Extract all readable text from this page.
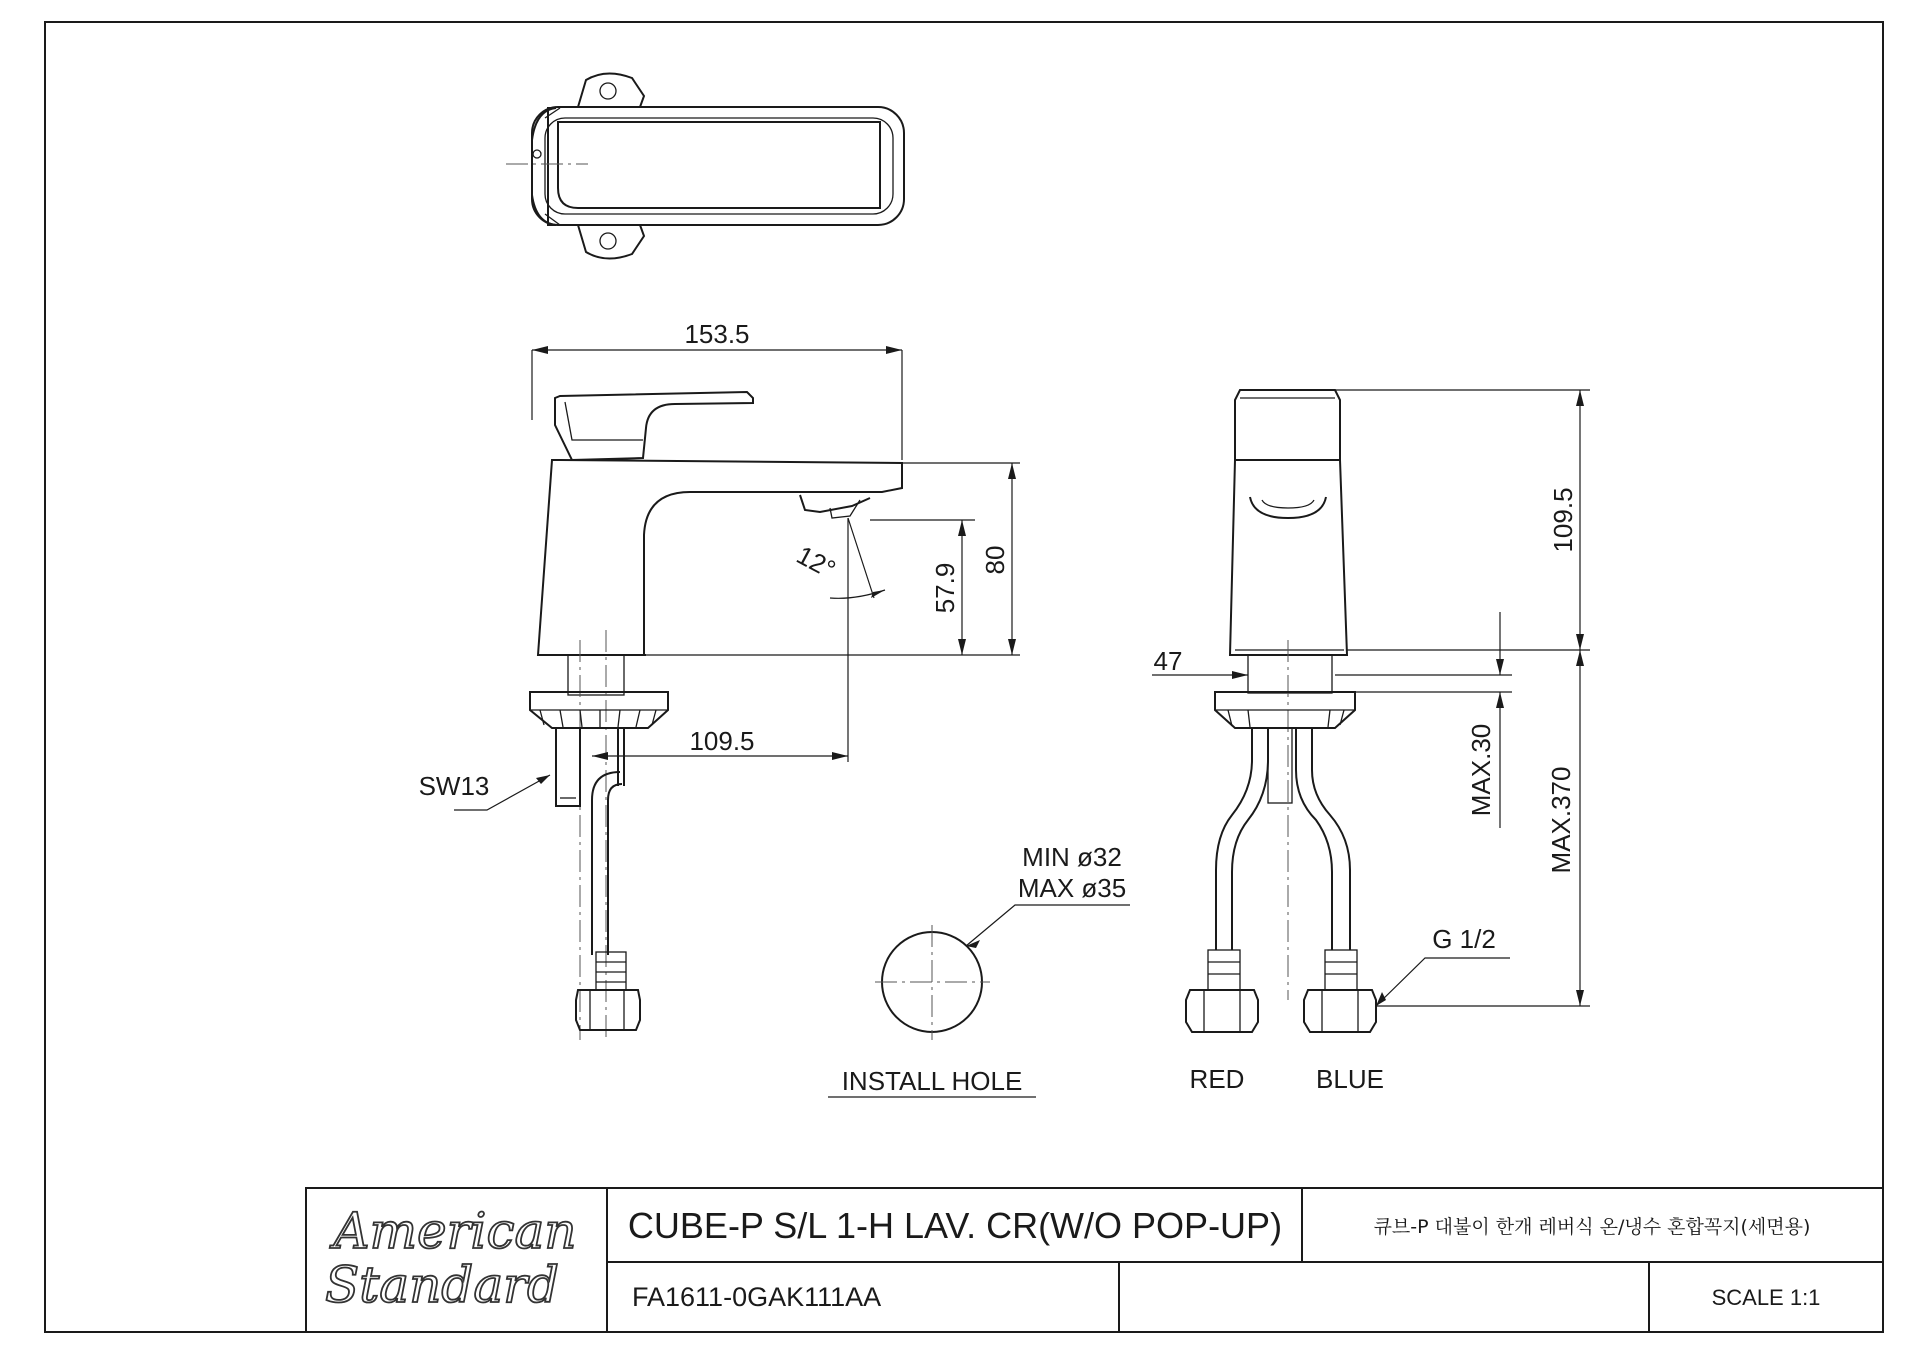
153.5
57.9
80
109.5
12°
109.5
47
MAX.30 MAX.370
SW13
MIN ø32
MAX ø35
G 1/2
INSTALL HOLE	RED	BLUE
American
Standard
CUBE-P S/L 1-H LAV. CR(W/O POP-UP)	큐브-P 대불이 한개 레버식 온/냉수 혼합꼭지(세면용)
FA1611-0GAK111AA	SCALE 1:1
